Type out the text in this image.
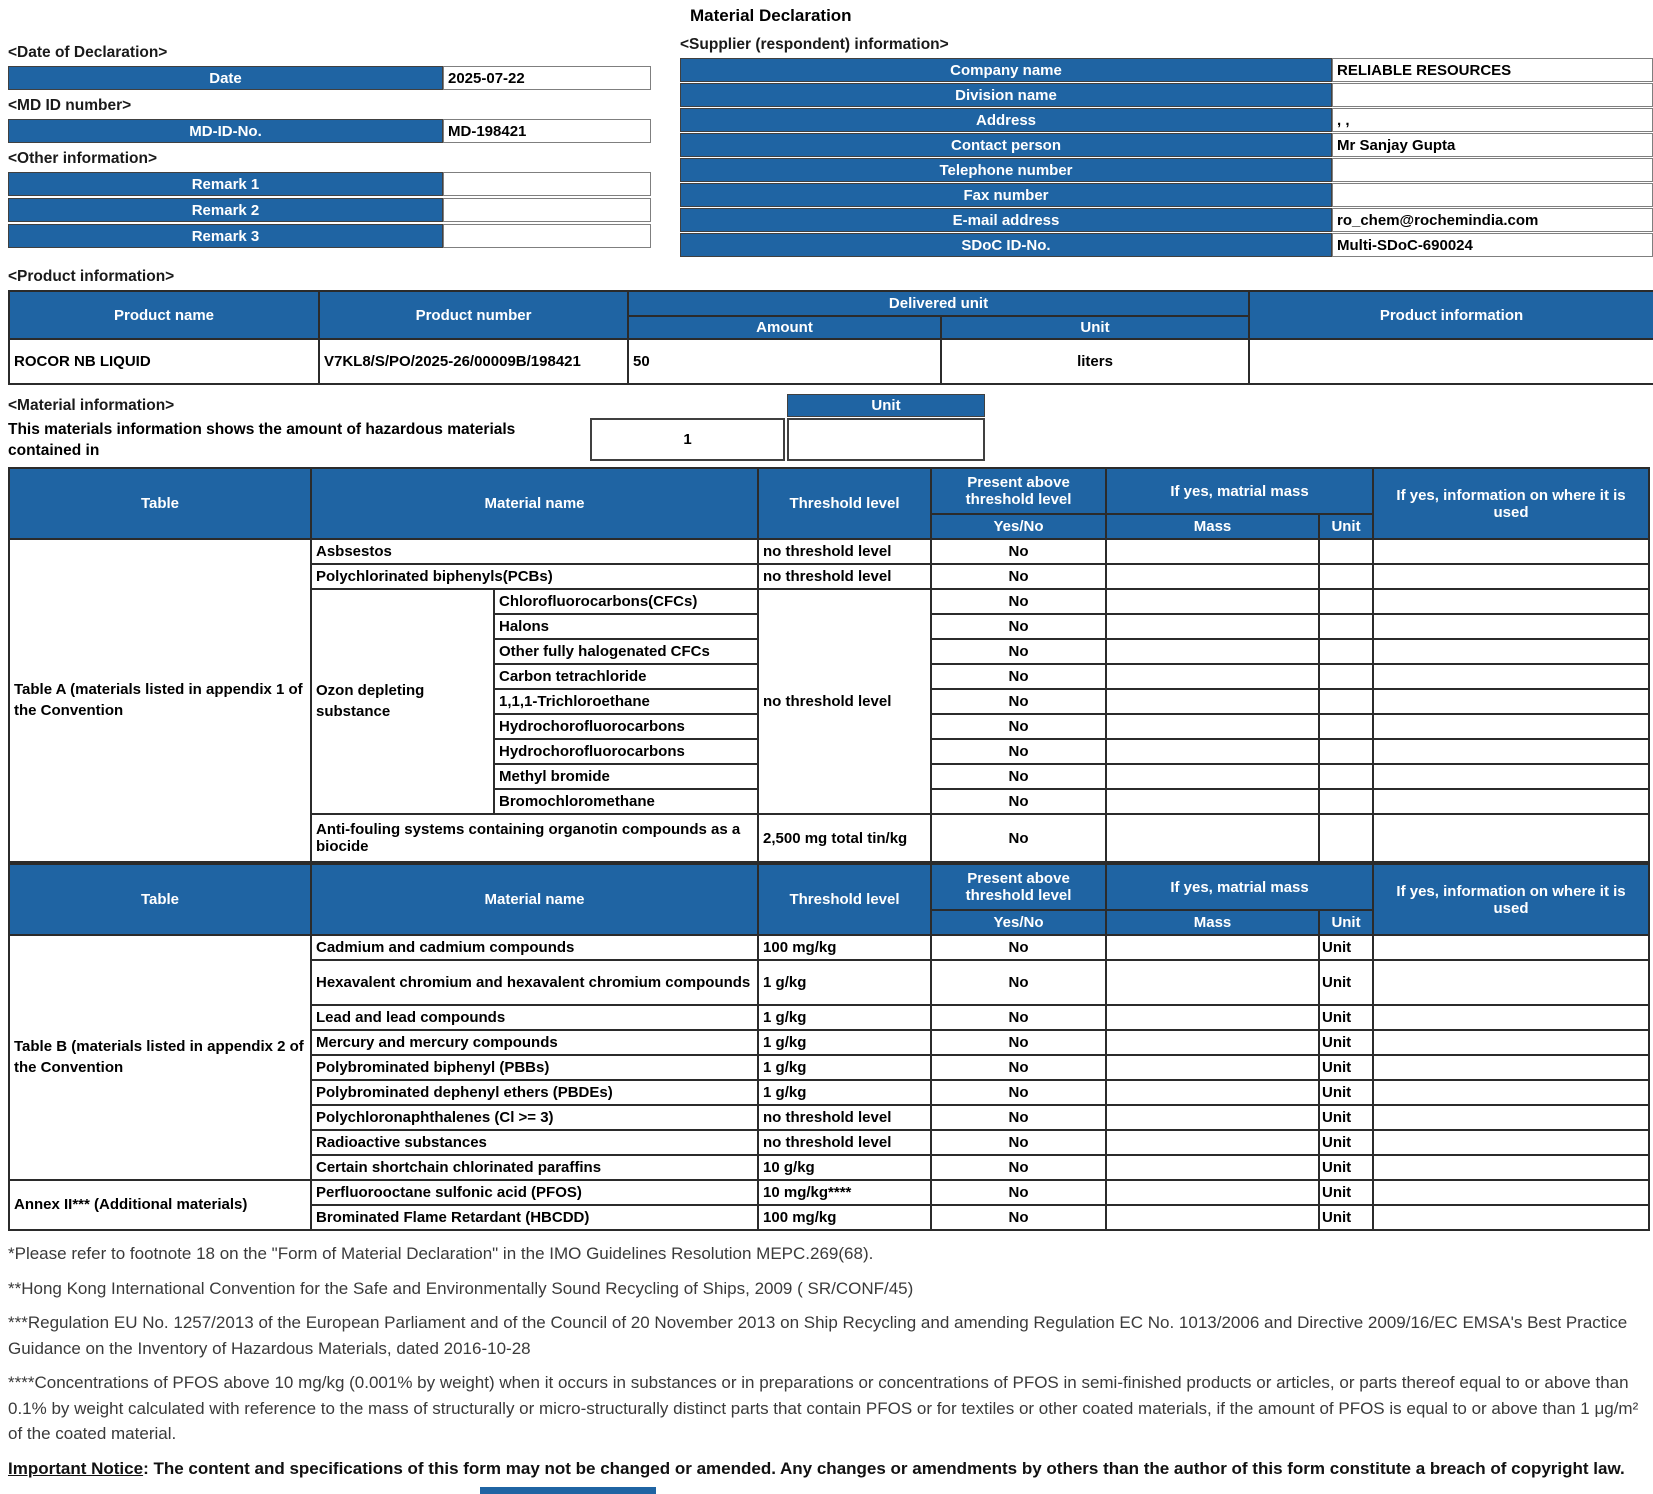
<Date of Declaration>
Date	2025-07-22
<MD ID number>
MD-ID-No.	MD-198421
<Other information>
Remark 1
Remark 2
Remark 3
Material Declaration
<Supplier (respondent) information>
Company name	RELIABLE RESOURCES
Division name
Address	, ,
Contact person	Mr Sanjay Gupta
Telephone number
Fax number
E-mail address	ro_chem@rochemindia.com
SDoC ID-No.	Multi-SDoC-690024
<Product information>
Product name	Product number	Delivered unit		Product information
		Amount	Unit	
ROCOR NB LIQUID	V7KL8/S/PO/2025-26/00009B/198421	50	liters	
<Material information>
This materials information shows the amount of hazardous materials contained in
1
Unit
Table	Material name		Threshold level	Present above threshold level	If yes, matrial mass		If yes, information on where it is used
				Yes/No	Mass	Unit	
Table A (materials listed in appendix 1 of the Convention	Asbsestos		no threshold level	No			
	Polychlorinated biphenyls(PCBs)		no threshold level	No			
	Ozon depleting substance	Chlorofluorocarbons(CFCs)	no threshold level	No			
		Halons		No			
		Other fully halogenated CFCs		No			
		Carbon tetrachloride		No			
		1,1,1-Trichloroethane		No			
		Hydrochorofluorocarbons		No			
		Hydrochorofluorocarbons		No			
		Methyl bromide		No			
		Bromochloromethane		No			
	Anti-fouling systems containing organotin compounds as a biocide		2,500 mg total tin/kg	No			
Table	Material name	Threshold level	Present above threshold level	If yes, matrial mass		If yes, information on where it is used
			Yes/No	Mass	Unit	
Table B (materials listed in appendix 2 of the Convention	Cadmium and cadmium compounds	100 mg/kg	No		Unit	
	Hexavalent chromium and hexavalent chromium compounds	1 g/kg	No		Unit	
	Lead and lead compounds	1 g/kg	No		Unit	
	Mercury and mercury compounds	1 g/kg	No		Unit	
	Polybrominated biphenyl (PBBs)	1 g/kg	No		Unit	
	Polybrominated dephenyl ethers (PBDEs)	1 g/kg	No		Unit	
	Polychloronaphthalenes (Cl >= 3)	no threshold level	No		Unit	
	Radioactive substances	no threshold level	No		Unit	
	Certain shortchain chlorinated paraffins	10 g/kg	No		Unit	
Annex II*** (Additional materials)	Perfluorooctane sulfonic acid (PFOS)	10 mg/kg****	No		Unit	
	Brominated Flame Retardant (HBCDD)	100 mg/kg	No		Unit	

*Please refer to footnote 18 on the "Form of Material Declaration" in the IMO Guidelines Resolution MEPC.269(68).

**Hong Kong International Convention for the Safe and Environmentally Sound Recycling of Ships, 2009 ( SR/CONF/45)

***Regulation EU No. 1257/2013 of the European Parliament and of the Council of 20 November 2013 on Ship Recycling and amending Regulation EC No. 1013/2006 and Directive 2009/16/EC EMSA's Best Practice Guidance on the Inventory of Hazardous Materials, dated 2016-10-28

****Concentrations of PFOS above 10 mg/kg (0.001% by weight) when it occurs in substances or in preparations or concentrations of PFOS in semi-finished products or articles, or parts thereof equal to or above than 0.1% by weight calculated with reference to the mass of structurally or micro-structurally distinct parts that contain PFOS or for textiles or other coated materials, if the amount of PFOS is equal to or above than 1 μg/m² of the coated material.

Important Notice: The content and specifications of this form may not be changed or amended. Any changes or amendments by others than the author of this form constitute a breach of copyright law.
